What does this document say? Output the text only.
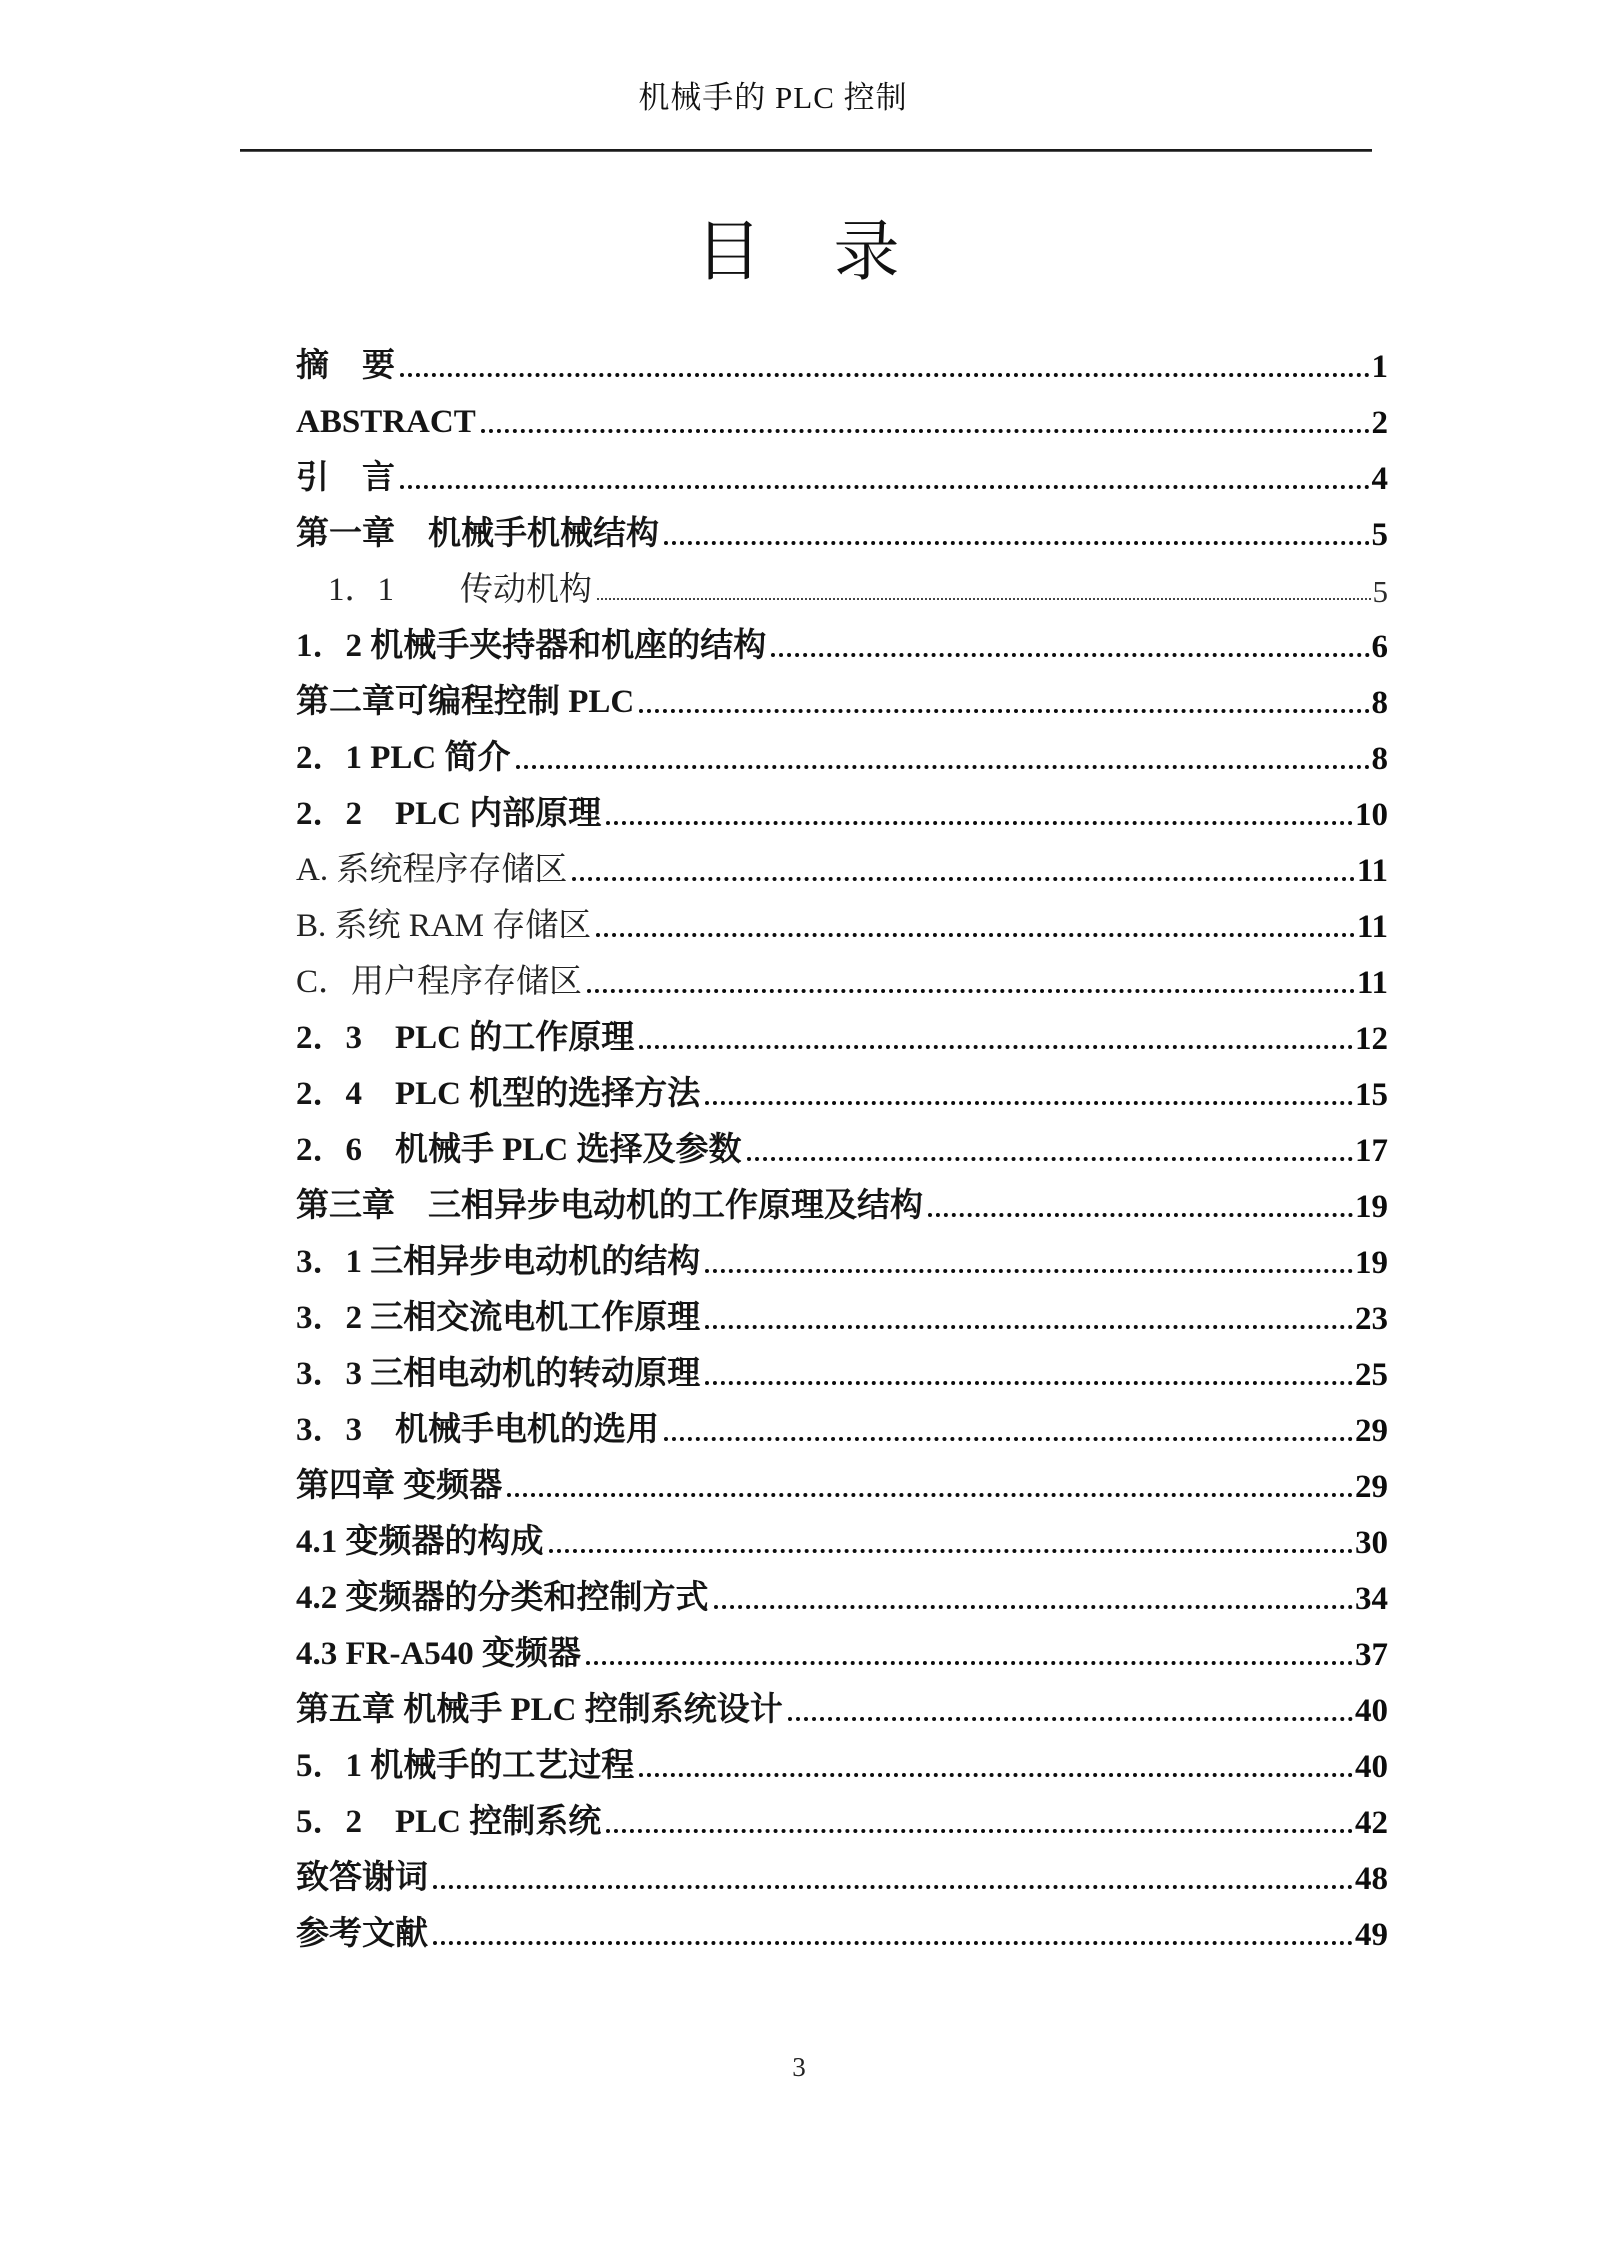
机械手的 PLC 控制
目　录
摘　要	1
ABSTRACT	2
引　言	4
第一章　机械手机械结构	5
1．1　　传动机构	5
1．2 机械手夹持器和机座的结构	6
第二章可编程控制 PLC	8
2．1 PLC 简介	8
2．2　PLC 内部原理	10
A. 系统程序存储区	11
B. 系统 RAM 存储区	11
C．用户程序存储区	11
2．3　PLC 的工作原理	12
2．4　PLC 机型的选择方法	15
2．6　机械手 PLC 选择及参数	17
第三章　三相异步电动机的工作原理及结构	19
3．1 三相异步电动机的结构	19
3．2 三相交流电机工作原理	23
3．3 三相电动机的转动原理	25
3．3　机械手电机的选用	29
第四章 变频器	29
4.1 变频器的构成	30
4.2 变频器的分类和控制方式	34
4.3 FR-A540 变频器	37
第五章 机械手 PLC 控制系统设计	40
5．1 机械手的工艺过程	40
5．2　PLC 控制系统	42
致答谢词	48
参考文献	49
3
